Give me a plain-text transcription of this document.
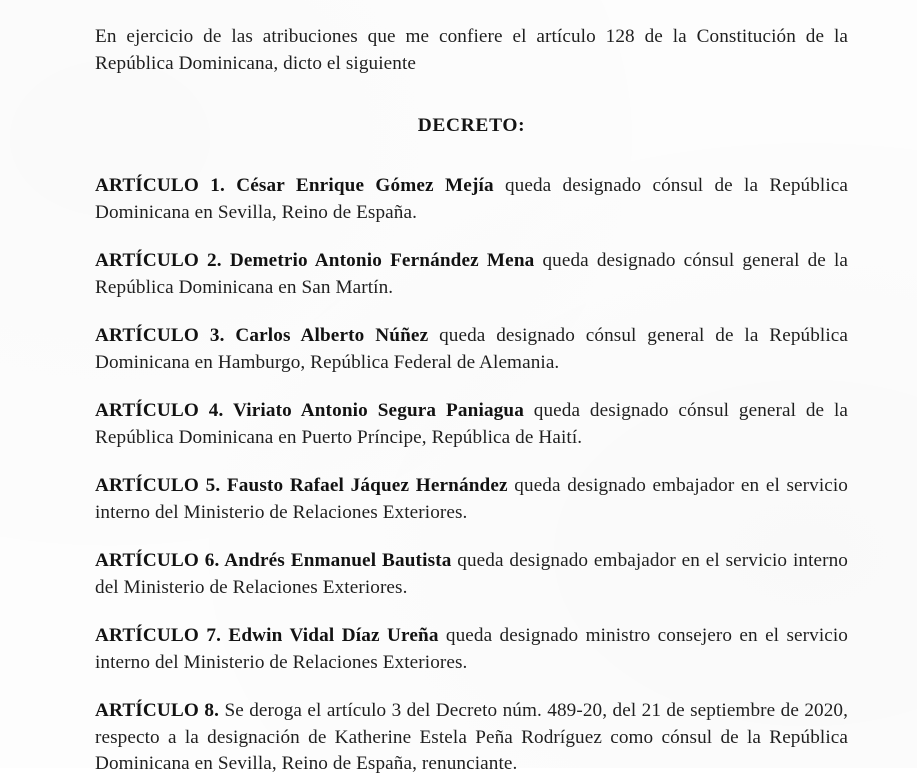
En ejercicio de las atribuciones que me confiere el artículo 128 de la Constitución de la República Dominicana, dicto el siguiente

DECRETO:

ARTÍCULO 1. César Enrique Gómez Mejía queda designado cónsul de la República Dominicana en Sevilla, Reino de España.

ARTÍCULO 2. Demetrio Antonio Fernández Mena queda designado cónsul general de la República Dominicana en San Martín.

ARTÍCULO 3. Carlos Alberto Núñez queda designado cónsul general de la República Dominicana en Hamburgo, República Federal de Alemania.

ARTÍCULO 4. Viriato Antonio Segura Paniagua queda designado cónsul general de la República Dominicana en Puerto Príncipe, República de Haití.

ARTÍCULO 5. Fausto Rafael Jáquez Hernández queda designado embajador en el servicio interno del Ministerio de Relaciones Exteriores.

ARTÍCULO 6. Andrés Enmanuel Bautista queda designado embajador en el servicio interno del Ministerio de Relaciones Exteriores.

ARTÍCULO 7. Edwin Vidal Díaz Ureña queda designado ministro consejero en el servicio interno del Ministerio de Relaciones Exteriores.

ARTÍCULO 8. Se deroga el artículo 3 del Decreto núm. 489-20, del 21 de septiembre de 2020, respecto a la designación de Katherine Estela Peña Rodríguez como cónsul de la República Dominicana en Sevilla, Reino de España, renunciante.
